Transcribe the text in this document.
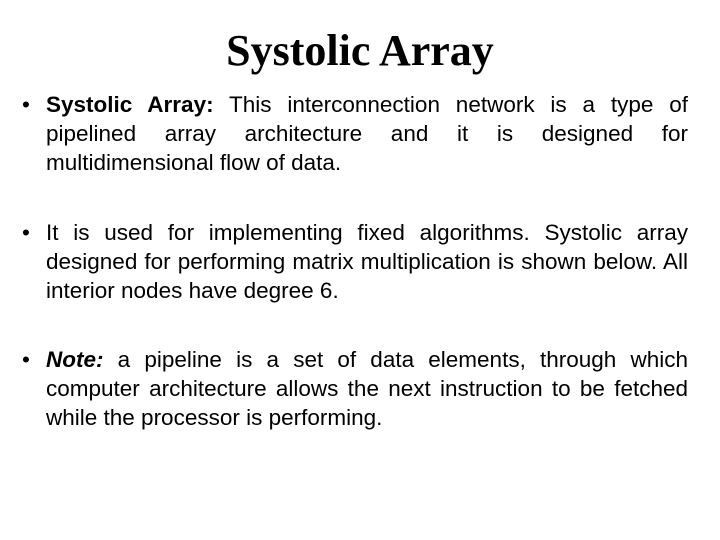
Systolic Array
• Systolic Array: This interconnection network is a type of pipelined array architecture and it is designed for multidimensional flow of data.
• It is used for implementing fixed algorithms. Systolic array designed for performing matrix multiplication is shown below. All interior nodes have degree 6.
• Note: a pipeline is a set of data elements, through which computer architecture allows the next instruction to be fetched while the processor is performing.
